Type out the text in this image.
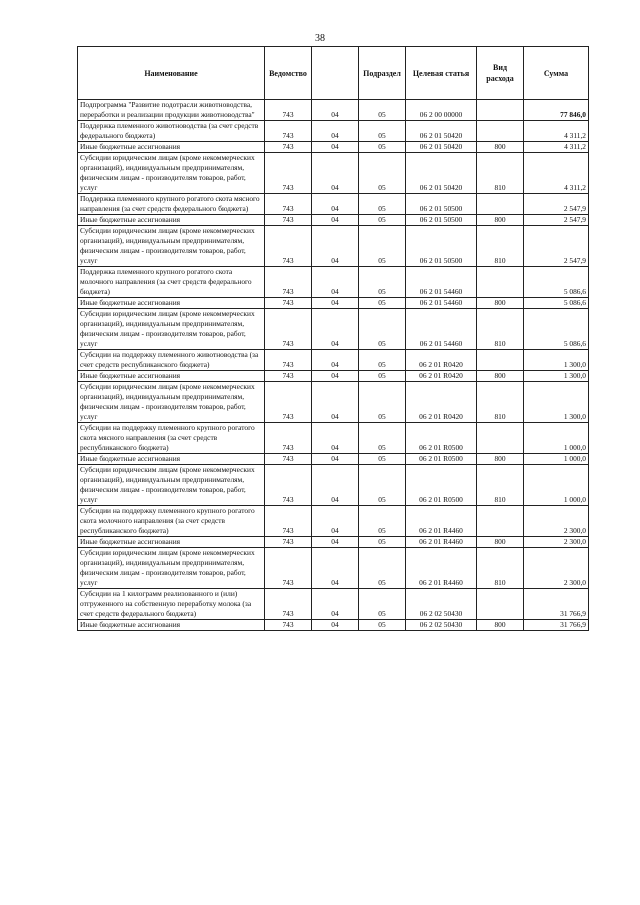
38
Наименование	Ведомство		Подраздел	Целевая статья	Вид расхода	Сумма
Подпрограмма "Развитие подотрасли животноводства, переработки и реализации продукции животноводства"	743	04	05	06 2 00 00000		77 846,0
Поддержка племенного животноводства (за счет средств федерального бюджета)	743	04	05	06 2 01 50420		4 311,2
Иные бюджетные ассигнования	743	04	05	06 2 01 50420	800	4 311,2
Субсидии юридическим лицам (кроме некоммерческих организаций), индивидуальным предпринимателям, физическим лицам - производителям товаров, работ, услуг	743	04	05	06 2 01 50420	810	4 311,2
Поддержка племенного крупного рогатого скота мясного направления (за счет средств федерального бюджета)	743	04	05	06 2 01 50500		2 547,9
Иные бюджетные ассигнования	743	04	05	06 2 01 50500	800	2 547,9
Субсидии юридическим лицам (кроме некоммерческих организаций), индивидуальным предпринимателям, физическим лицам - производителям товаров, работ, услуг	743	04	05	06 2 01 50500	810	2 547,9
Поддержка племенного крупного рогатого скота молочного направления (за счет средств федерального бюджета)	743	04	05	06 2 01 54460		5 086,6
Иные бюджетные ассигнования	743	04	05	06 2 01 54460	800	5 086,6
Субсидии юридическим лицам (кроме некоммерческих организаций), индивидуальным предпринимателям, физическим лицам - производителям товаров, работ, услуг	743	04	05	06 2 01 54460	810	5 086,6
Субсидии на поддержку племенного животноводства (за счет средств республиканского бюджета)	743	04	05	06 2 01 R0420		1 300,0
Иные бюджетные ассигнования	743	04	05	06 2 01 R0420	800	1 300,0
Субсидии юридическим лицам (кроме некоммерческих организаций), индивидуальным предпринимателям, физическим лицам - производителям товаров, работ, услуг	743	04	05	06 2 01 R0420	810	1 300,0
Субсидии на поддержку племенного крупного рогатого скота мясного направления (за счет средств республиканского бюджета)	743	04	05	06 2 01 R0500		1 000,0
Иные бюджетные ассигнования	743	04	05	06 2 01 R0500	800	1 000,0
Субсидии юридическим лицам (кроме некоммерческих организаций), индивидуальным предпринимателям, физическим лицам - производителям товаров, работ, услуг	743	04	05	06 2 01 R0500	810	1 000,0
Субсидии на поддержку племенного крупного рогатого скота молочного направления (за счет средств республиканского бюджета)	743	04	05	06 2 01 R4460		2 300,0
Иные бюджетные ассигнования	743	04	05	06 2 01 R4460	800	2 300,0
Субсидии юридическим лицам (кроме некоммерческих организаций), индивидуальным предпринимателям, физическим лицам - производителям товаров, работ, услуг	743	04	05	06 2 01 R4460	810	2 300,0
Субсидии на 1 килограмм реализованного и (или) отгруженного на собственную переработку молока (за счет средств федерального бюджета)	743	04	05	06 2 02 50430		31 766,9
Иные бюджетные ассигнования	743	04	05	06 2 02 50430	800	31 766,9
